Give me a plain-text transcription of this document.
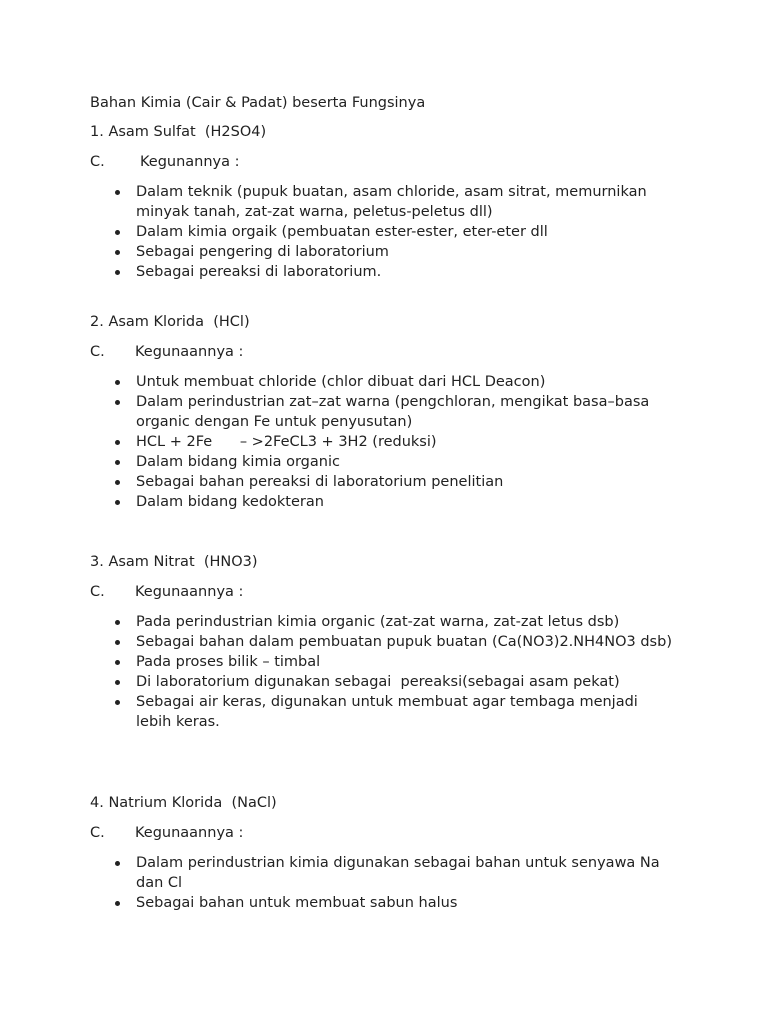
Bahan Kimia (Cair & Padat) beserta Fungsinya
1. Asam Sulfat  (H2SO4)
C. Kegunannya :
Dalam teknik (pupuk buatan, asam chloride, asam sitrat, memurnikan minyak tanah, zat-zat warna, peletus-peletus dll)
Dalam kimia orgaik (pembuatan ester-ester, eter-eter dll
Sebagai pengering di laboratorium
Sebagai pereaksi di laboratorium.
2. Asam Klorida  (HCl)
C. Kegunaannya :
Untuk membuat chloride (chlor dibuat dari HCL Deacon)
Dalam perindustrian zat–zat warna (pengchloran, mengikat basa–basa organic dengan Fe untuk penyusutan)
HCL + 2Fe      – >2FeCL3 + 3H2 (reduksi)
Dalam bidang kimia organic
Sebagai bahan pereaksi di laboratorium penelitian
Dalam bidang kedokteran
3. Asam Nitrat  (HNO3)
C. Kegunaannya :
Pada perindustrian kimia organic (zat-zat warna, zat-zat letus dsb)
Sebagai bahan dalam pembuatan pupuk buatan (Ca(NO3)2.NH4NO3 dsb)
Pada proses bilik – timbal
Di laboratorium digunakan sebagai  pereaksi(sebagai asam pekat)
Sebagai air keras, digunakan untuk membuat agar tembaga menjadi lebih keras.
4. Natrium Klorida  (NaCl)
C. Kegunaannya :
Dalam perindustrian kimia digunakan sebagai bahan untuk senyawa Na dan Cl
Sebagai bahan untuk membuat sabun halus
